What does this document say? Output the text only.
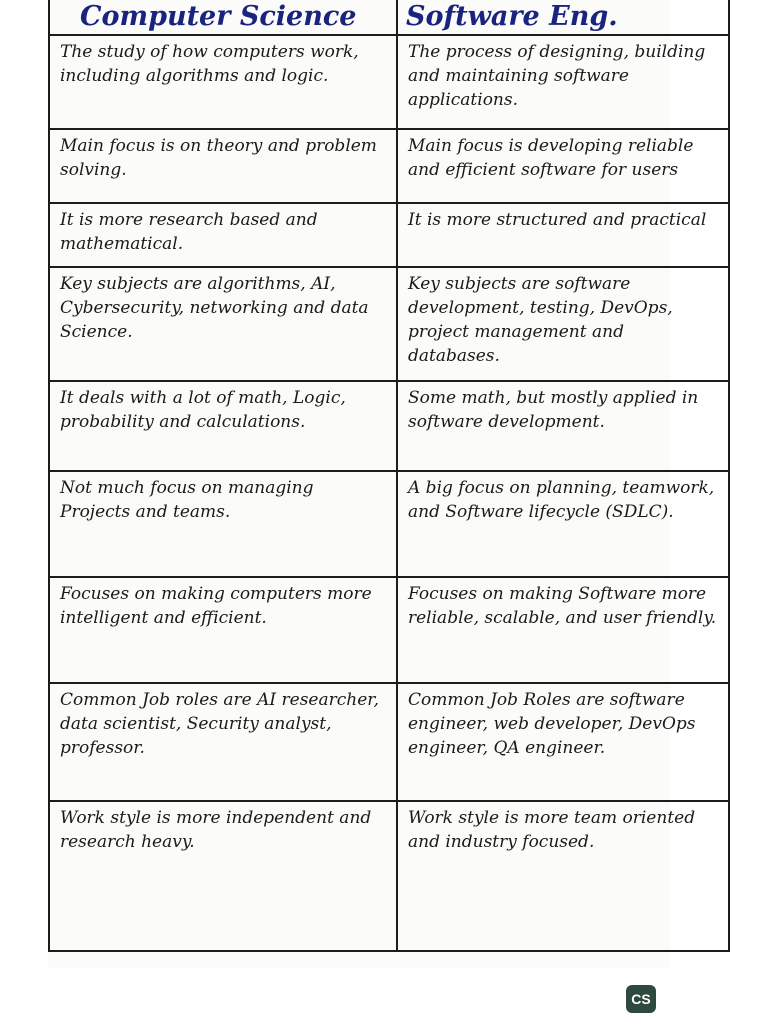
Computer Science	Software Eng.
The study of how computers work, including algorithms and logic.	The process of designing, building and maintaining software applications.
Main focus is on theory and problem solving.	Main focus is developing reliable and efficient software for users
It is more research based and mathematical.	It is more structured and practical
Key subjects are algorithms, AI, Cybersecurity, networking and data Science.	Key subjects are software development, testing, DevOps, project management and databases.
It deals with a lot of math, Logic, probability and calculations.	Some math, but mostly applied in software development.
Not much focus on managing Projects and teams.	A big focus on planning, teamwork, and Software lifecycle (SDLC).
Focuses on making computers more intelligent and efficient.	Focuses on making Software more reliable, scalable, and user friendly.
Common Job roles are AI researcher, data scientist, Security analyst, professor.	Common Job Roles are software engineer, web developer, DevOps engineer, QA engineer.
Work style is more independent and research heavy.	Work style is more team oriented and industry focused.
CS
